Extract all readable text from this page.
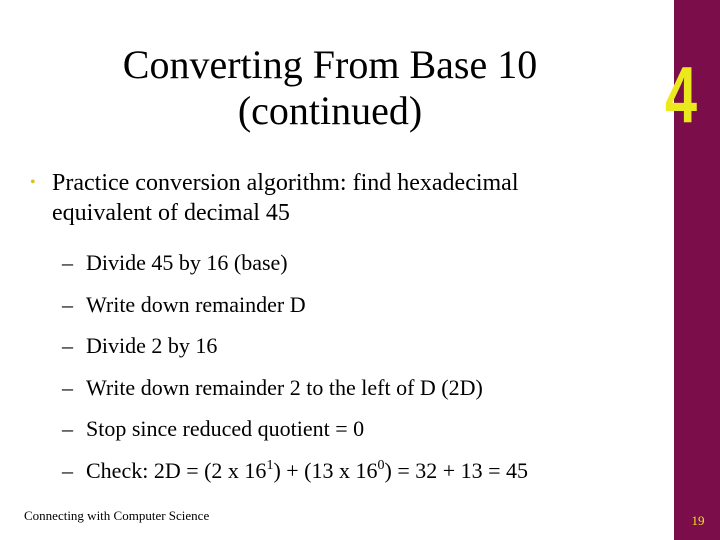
4
Converting From Base 10
(continued)
• Practice conversion algorithm: find hexadecimal
equivalent of decimal 45
– Divide 45 by 16 (base)
– Write down remainder D
– Divide 2 by 16
– Write down remainder 2 to the left of D (2D)
– Stop since reduced quotient = 0
– Check: 2D = (2 x $16^1) + (13$ x $16^0) = 32 + 13 = 45$
Connecting with Computer Science	19
